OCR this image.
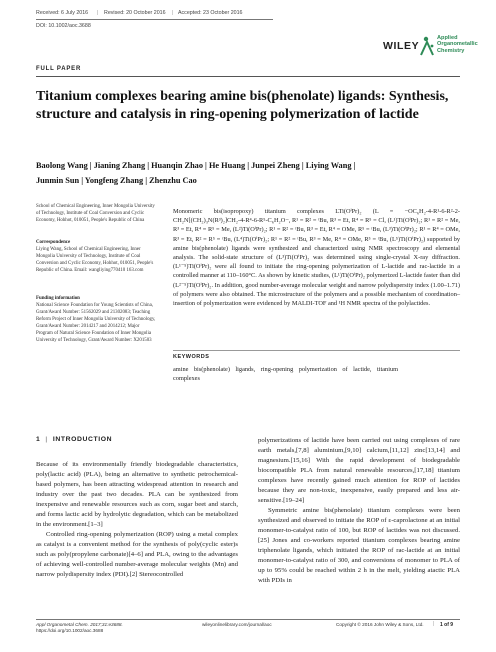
Received: 6 July 2016 | Revised: 20 October 2016 | Accepted: 23 October 2016
DOI: 10.1002/aoc.3688
WILEY
Applied
Organometallic
Chemistry
FULL PAPER
Titanium complexes bearing amine bis(phenolate) ligands: Synthesis, structure and catalysis in ring-opening polymerization of lactide
Baolong Wang | Jianing Zhang | Huanqin Zhao | He Huang | Junpei Zheng | Liying Wang |
Junmin Sun | Yongfeng Zhang | Zhenzhu Cao
School of Chemical Engineering, Inner Mongolia University of Technology, Institute of Coal Conversion and Cyclic Economy, Hohhot, 010051, People's Republic of China
Correspondence
Liying Wang, School of Chemical Engineering, Inner Mongolia University of Technology, Institute of Coal Conversion and Cyclic Economy, Hohhot, 010051, People's Republic of China. Email: wangliying770410 163.com
Funding information
National Science Foundation for Young Scientists of China, Grant/Award Number: 51562029 and 21302083; Teaching Reform Project of Inner Mongolia University of Technology, Grant/Award Number: 2014217 and 2014212; Major Program of Natural Science Foundation of Inner Mongolia University of Technology, Grant/Award Number: X201503
Monomeric bis(isopropoxy) titanium complexes LTi(OⁱPr)₂ (L = −OC₆H₂-4-R¹-6-R²-2-CH₂N[(CH₂)₃N(R³)₂]CH₂-4-R⁴-6-R⁵-C₆H₂O−, R¹ = R² = ᵗBu, R³ = Et, R⁴ = R⁵ = Cl, (L¹)Ti(OⁱPr)₂; R¹ = R² = Me, R³ = Et, R⁴ = R⁵ = Me, (L²)Ti(OⁱPr)₂; R¹ = R² = ᵗBu, R³ = Et, R⁴ = OMe, R⁵ = ᵗBu, (L³)Ti(OⁱPr)₂; R¹ = R⁴ = OMe, R³ = Et, R² = R⁵ = ᵗBu, (L⁴)Ti(OⁱPr)₂; R¹ = R² = ᵗBu, R³ = Me, R⁴ = OMe, R⁵ = ᵗBu, (L⁵)Ti(OⁱPr)₂) supported by amine bis(phenolate) ligands were synthesized and characterized using NMR spectroscopy and elemental analysis. The solid-state structure of (L³)Ti(OⁱPr)₂ was determined using single-crystal X-ray diffraction. (L¹⁻⁵)Ti(OⁱPr)₂ were all found to initiate the ring-opening polymerization of L-lactide and rac-lactide in a controlled manner at 110–160°C. As shown by kinetic studies, (L¹)Ti(OⁱPr)₂ polymerized L-lactide faster than did (L²⁻⁵)Ti(OⁱPr)₂. In addition, good number-average molecular weight and narrow polydispersity index (1.00–1.71) of polymers were also obtained. The microstructure of the polymers and a possible mechanism of coordination–insertion of polymerization were evidenced by MALDI-TOF and ¹H NMR spectra of the polylactides.
KEYWORDS
amine bis(phenolate) ligands, ring-opening polymerization of lactide, titanium complexes
1  |  INTRODUCTION
Because of its environmentally friendly biodegradable characteristics, poly(lactic acid) (PLA), being an alternative to synthetic petrochemical-based polymers, has been attracting widespread attention in research and industry over the past two decades. PLA can be synthesized from inexpensive and renewable resources such as corn, sugar beet and starch, and forms lactic acid by hydrolytic degradation, which can be metabolized in the environment.[1–3]
Controlled ring-opening polymerization (ROP) using a metal complex as catalyst is a convenient method for the synthesis of poly(cyclic ester)s such as poly(propylene carbonate)[4–6] and PLA, owing to the advantages of achieving well-controlled number-average molecular weights (Mn) and narrow polydispersity index (PDI).[2] Stereocontrolled
polymerizations of lactide have been carried out using complexes of rare earth metals,[7,8] aluminium,[9,10] calcium,[11,12] zinc[13,14] and magnesium.[15,16] With the rapid development of biodegradable biocompatible PLA from natural renewable resources,[17,18] titanium complexes have recently gained much attention for ROP of lactides because they are non-toxic, inexpensive, easily prepared and less air-sensitive.[19–24]
Symmetric amine bis(phenolate) titanium complexes were been synthesized and observed to initiate the ROP of ε-caprolactone at an initial monomer-to-catalyst ratio of 100, but ROP of lactides was not discussed.[25] Jones and co-workers reported titanium complexes bearing amine triphenolate ligands, which initiated the ROP of rac-lactide at an initial monomer-to-catalyst ratio of 300, and conversions of monomer to PLA of up to 95% could be reached within 2 h in the melt, yielding atactic PLA with PDIs in
Appl Organometal Chem. 2017;31:e3688.
https://doi.org/10.1002/aoc.3688
wileyonlinelibrary.com/journal/aoc	Copyright © 2016 John Wiley & Sons, Ltd. | 1 of 9
